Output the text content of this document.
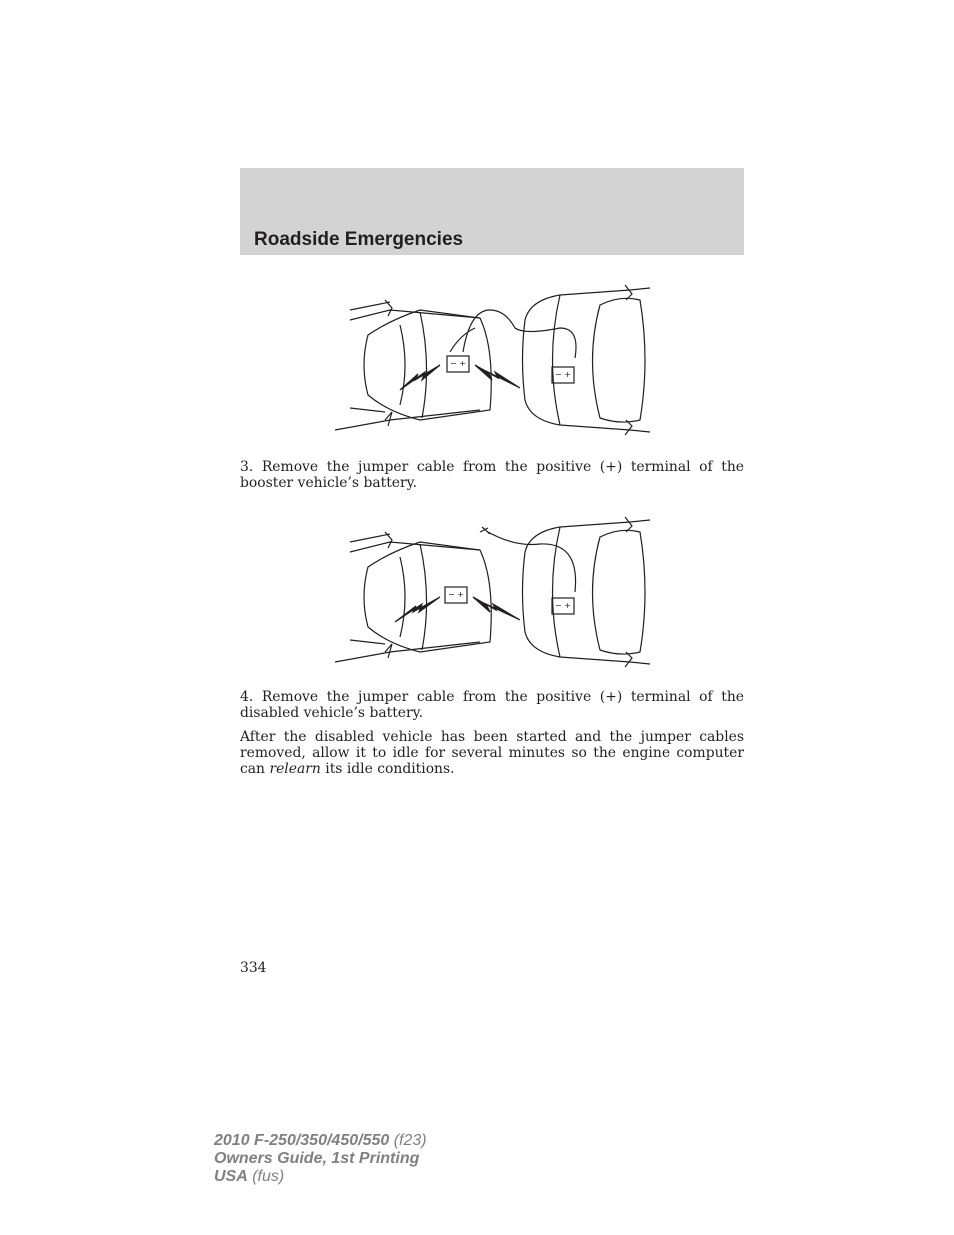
Roadside Emergencies
− +
− +

3. Remove the jumper cable from the positive (+) terminal of the booster vehicle’s battery.

− +
− +

4. Remove the jumper cable from the positive (+) terminal of the disabled vehicle’s battery.

After the disabled vehicle has been started and the jumper cables removed, allow it to idle for several minutes so the engine computer can relearn its idle conditions.

334
2010 F-250/350/450/550 (f23)
Owners Guide, 1st Printing
USA (fus)
